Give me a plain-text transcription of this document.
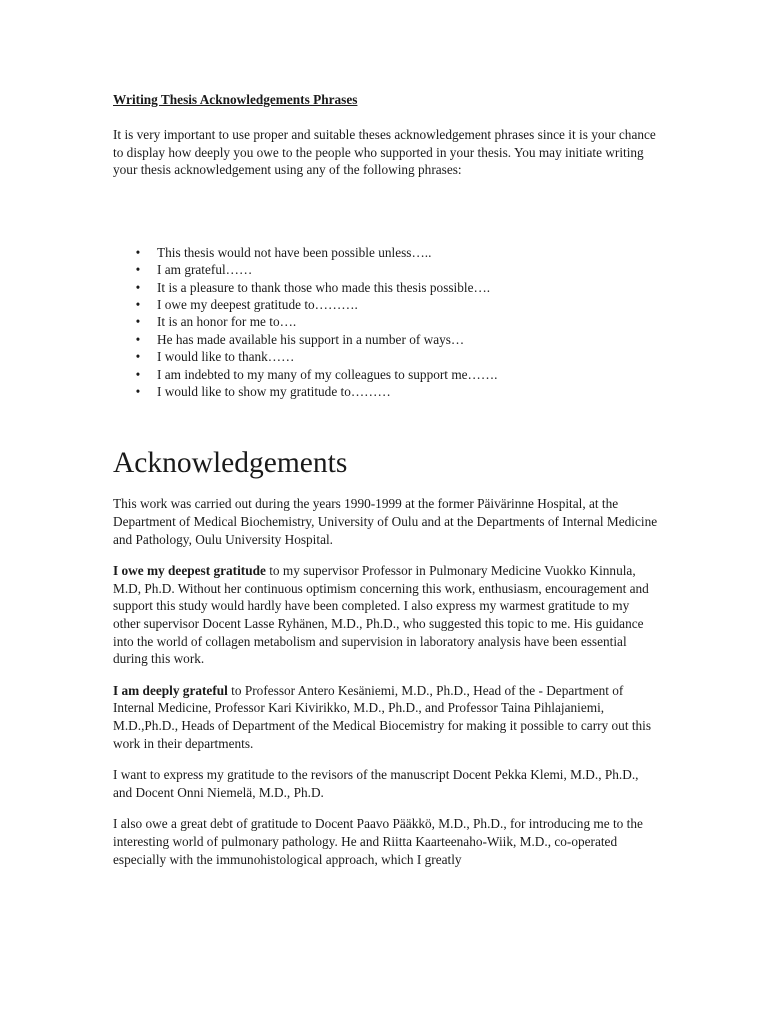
Writing Thesis Acknowledgements Phrases

It is very important to use proper and suitable theses acknowledgement phrases since it is your chance to display how deeply you owe to the people who supported in your thesis. You may initiate writing your thesis acknowledgement using any of the following phrases:

• This thesis would not have been possible unless…..
• I am grateful……
• It is a pleasure to thank those who made this thesis possible….
• I owe my deepest gratitude to……….
• It is an honor for me to….
• He has made available his support in a number of ways…
• I would like to thank……
• I am indebted to my many of my colleagues to support me…….
• I would like to show my gratitude to………
Acknowledgements

This work was carried out during the years 1990-1999 at the former Päivärinne Hospital, at the Department of Medical Biochemistry, University of Oulu and at the Departments of Internal Medicine and Pathology, Oulu University Hospital.

I owe my deepest gratitude to my supervisor Professor in Pulmonary Medicine Vuokko Kinnula, M.D, Ph.D. Without her continuous optimism concerning this work, enthusiasm, encouragement and support this study would hardly have been completed. I also express my warmest gratitude to my other supervisor Docent Lasse Ryhänen, M.D., Ph.D., who suggested this topic to me. His guidance into the world of collagen metabolism and supervision in laboratory analysis have been essential during this work.

I am deeply grateful to Professor Antero Kesäniemi, M.D., Ph.D., Head of the - Department of Internal Medicine, Professor Kari Kivirikko, M.D., Ph.D., and Professor Taina Pihlajaniemi, M.D.,Ph.D., Heads of Department of the Medical Biocemistry for making it possible to carry out this work in their departments.

I want to express my gratitude to the revisors of the manuscript Docent Pekka Klemi, M.D., Ph.D., and Docent Onni Niemelä, M.D., Ph.D.

I also owe a great debt of gratitude to Docent Paavo Pääkkö, M.D., Ph.D., for introducing me to the interesting world of pulmonary pathology. He and Riitta Kaarteenaho-Wiik, M.D., co-operated especially with the immunohistological approach, which I greatly
